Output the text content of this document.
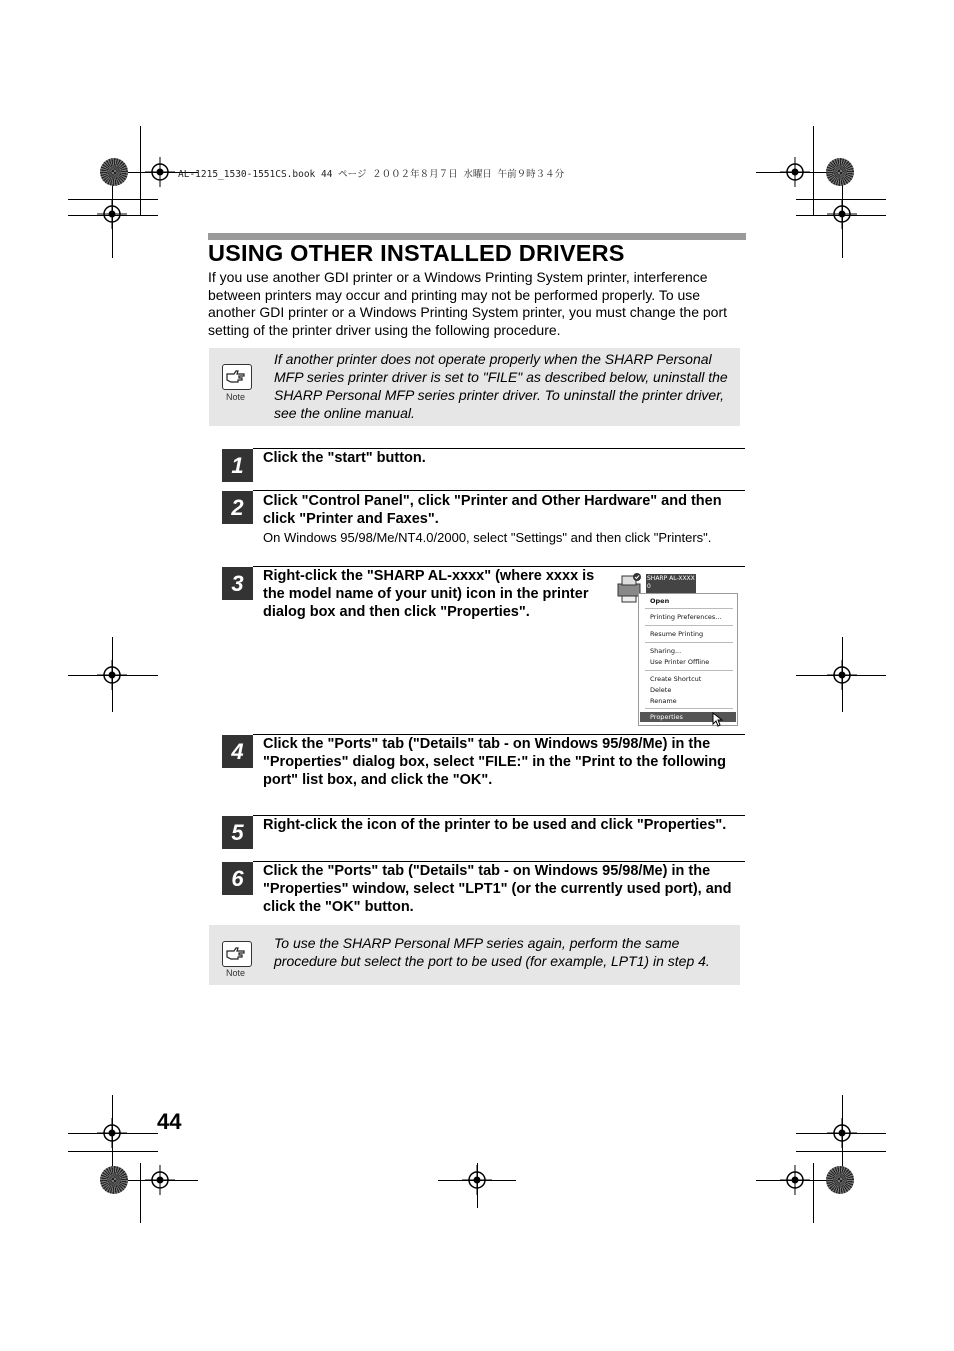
AL-1215_1530-1551CS.book 44 ページ ２００２年８月７日 水曜日 午前９時３４分
USING OTHER INSTALLED DRIVERS
If you use another GDI printer or a Windows Printing System printer, interference between printers may occur and printing may not be performed properly. To use another GDI printer or a Windows Printing System printer, you must change the port setting of the printer driver using the following procedure.
Note
If another printer does not operate properly when the SHARP Personal MFP series printer driver is set to "FILE" as described below, uninstall the SHARP Personal MFP series printer driver. To uninstall the printer driver, see the online manual.
1	Click the "start" button.
2	Click "Control Panel", click "Printer and Other Hardware" and then click "Printer and Faxes".
On Windows 95/98/Me/NT4.0/2000, select "Settings" and then click "Printers".
3	Right-click the "SHARP AL-xxxx" (where xxxx is the model name of your unit) icon in the printer dialog box and then click "Properties".
SHARP AL-XXXX 0
Open
Printing Preferences...
Resume Printing
Sharing...
Use Printer Offline
Create Shortcut
Delete
Rename
Properties
4	Click the "Ports" tab ("Details" tab - on Windows 95/98/Me) in the "Properties" dialog box, select "FILE:" in the "Print to the following port" list box, and click the "OK".
5	Right-click the icon of the printer to be used and click "Properties".
6	Click the "Ports" tab ("Details" tab - on Windows 95/98/Me) in the "Properties" window, select "LPT1" (or the currently used port), and click the "OK" button.
Note
To use the SHARP Personal MFP series again, perform the same procedure but select the port to be used (for example, LPT1) in step 4.
44
